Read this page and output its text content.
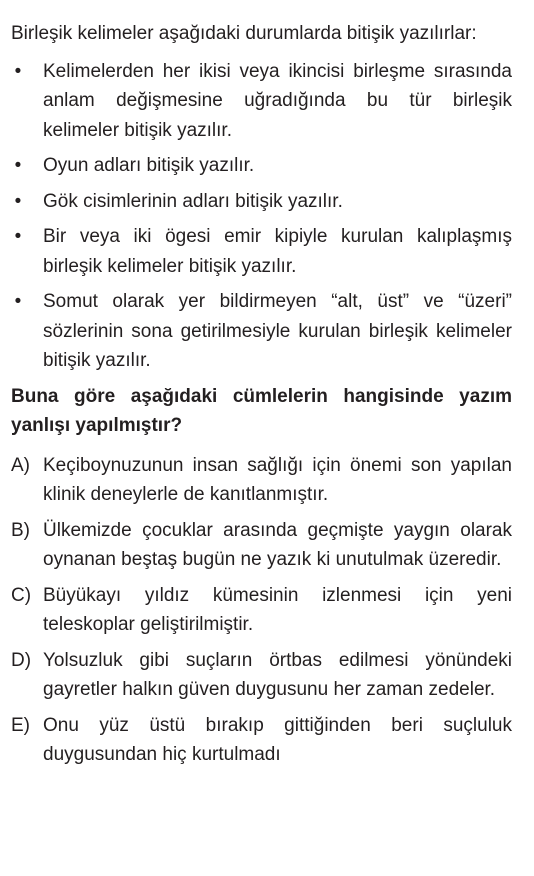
Birleşik kelimeler aşağıdaki durumlarda bitişik yazılırlar:

• Kelimelerden her ikisi veya ikincisi birleşme sırasında anlam değişmesine uğradığında bu tür birleşik kelimeler bitişik yazılır.
• Oyun adları bitişik yazılır.
• Gök cisimlerinin adları bitişik yazılır.
• Bir veya iki ögesi emir kipiyle kurulan kalıplaşmış birleşik kelimeler bitişik yazılır.
• Somut olarak yer bildirmeyen “alt, üst” ve “üzeri” sözlerinin sona getirilmesiyle kurulan birleşik kelimeler bitişik yazılır.

Buna göre aşağıdaki cümlelerin hangisinde yazım yanlışı yapılmıştır?

A) Keçiboynuzunun insan sağlığı için önemi son yapılan klinik deneylerle de kanıtlanmıştır.
B) Ülkemizde çocuklar arasında geçmişte yaygın olarak oynanan beştaş bugün ne yazık ki unutulmak üzeredir.
C) Büyükayı yıldız kümesinin izlenmesi için yeni teleskoplar geliştirilmiştir.
D) Yolsuzluk gibi suçların örtbas edilmesi yönündeki gayretler halkın güven duygusunu her zaman zedeler.
E) Onu yüz üstü bırakıp gittiğinden beri suçluluk duygusundan hiç kurtulmadı
